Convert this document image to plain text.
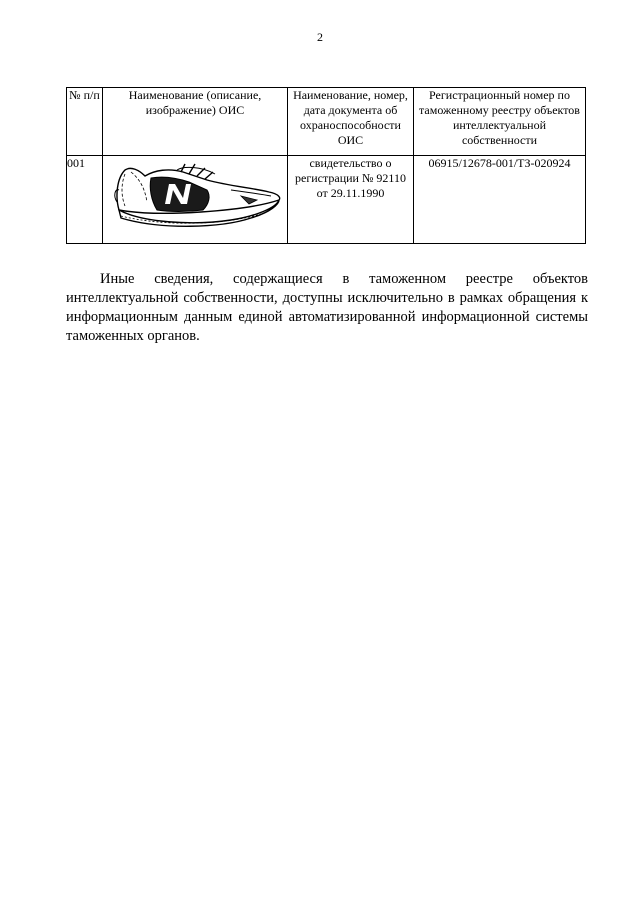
2
№ п/п	Наименование (описание, изображение) ОИС	Наименование, номер, дата документа об охраноспособности ОИС	Регистрационный номер по таможенному реестру объектов интеллектуальной собственности
001		свидетельство о регистрации № 92110 от 29.11.1990	06915/12678-001/ТЗ-020924

Иные сведения, содержащиеся в таможенном реестре объектов интеллектуальной собственности, доступны исключительно в рамках обращения к информационным данным единой автоматизированной информационной системы таможенных органов.
